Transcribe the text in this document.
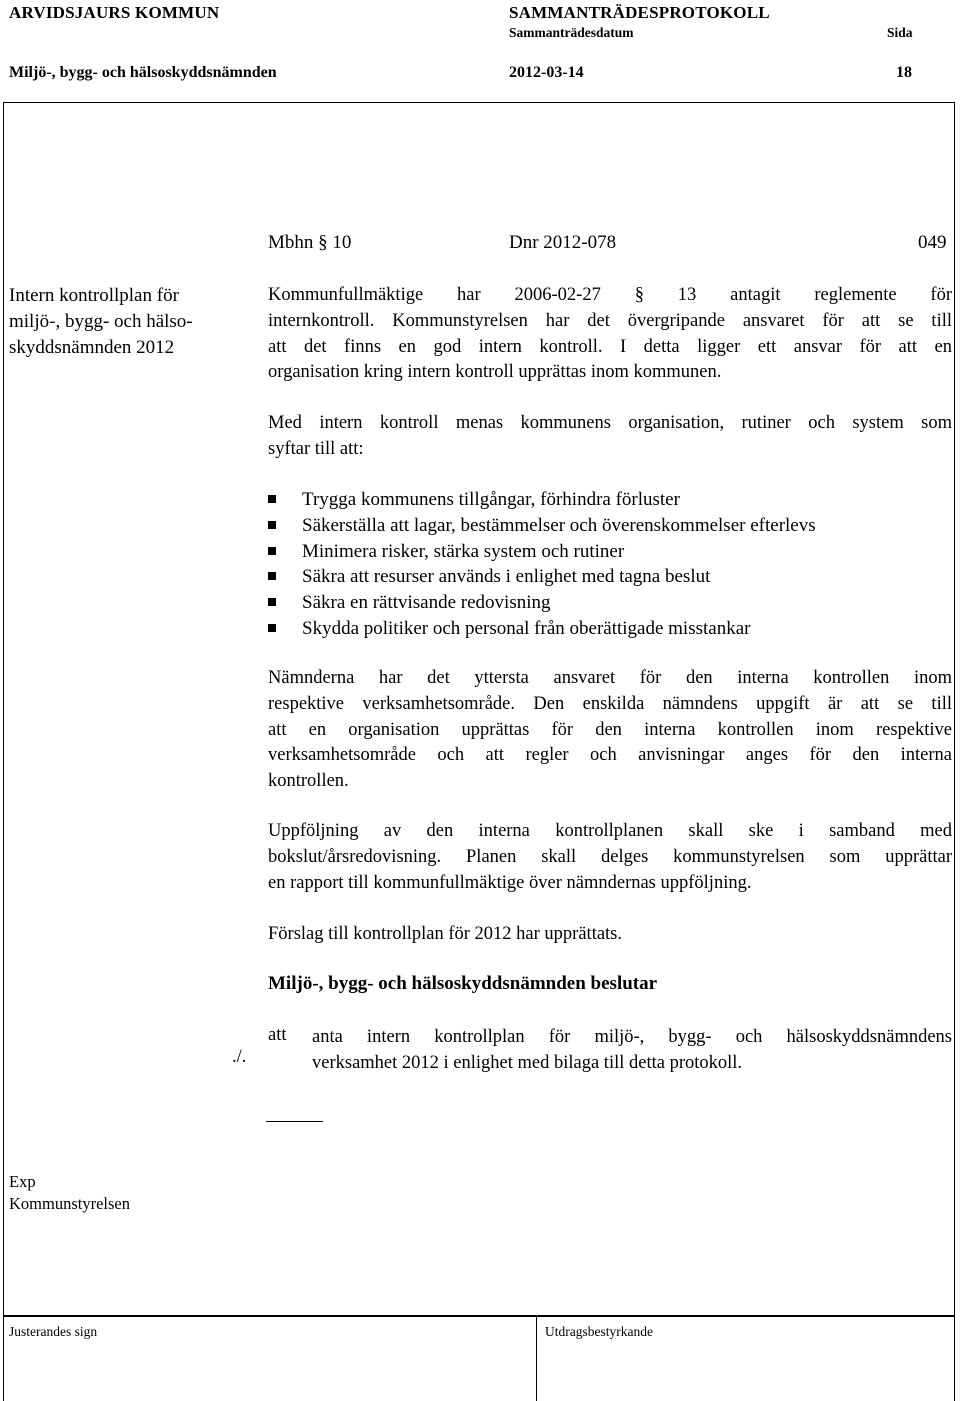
ARVIDSJAURS KOMMUN	SAMMANTRÄDESPROTOKOLL
Sammanträdesdatum	Sida
Miljö-, bygg- och hälsoskyddsnämnden	2012-03-14	18
Justerandes sign	Utdragsbestyrkande
Mbhn § 10	Dnr 2012-078	049
Intern kontrollplan för
miljö-, bygg- och hälso-
skyddsnämnden 2012
Kommunfullmäktige har 2006-02-27 § 13 antagit reglemente för
internkontroll. Kommunstyrelsen har det övergripande ansvaret för att se till
att det finns en god intern kontroll. I detta ligger ett ansvar för att en
organisation kring intern kontroll upprättas inom kommunen.
Med intern kontroll menas kommunens organisation, rutiner och system som
syftar till att:
Trygga kommunens tillgångar, förhindra förluster
Säkerställa att lagar, bestämmelser och överenskommelser efterlevs
Minimera risker, stärka system och rutiner
Säkra att resurser används i enlighet med tagna beslut
Säkra en rättvisande redovisning
Skydda politiker och personal från oberättigade misstankar
Nämnderna har det yttersta ansvaret för den interna kontrollen inom
respektive verksamhetsområde. Den enskilda nämndens uppgift är att se till
att en organisation upprättas för den interna kontrollen inom respektive
verksamhetsområde och att regler och anvisningar anges för den interna
kontrollen.
Uppföljning av den interna kontrollplanen skall ske i samband med
bokslut/årsredovisning. Planen skall delges kommunstyrelsen som upprättar
en rapport till kommunfullmäktige över nämndernas uppföljning.
Förslag till kontrollplan för 2012 har upprättats.
Miljö-, bygg- och hälsoskyddsnämnden beslutar
att anta intern kontrollplan för miljö-, bygg- och hälsoskyddsnämndens
verksamhet 2012 i enlighet med bilaga till detta protokoll.
./.
Exp
Kommunstyrelsen
